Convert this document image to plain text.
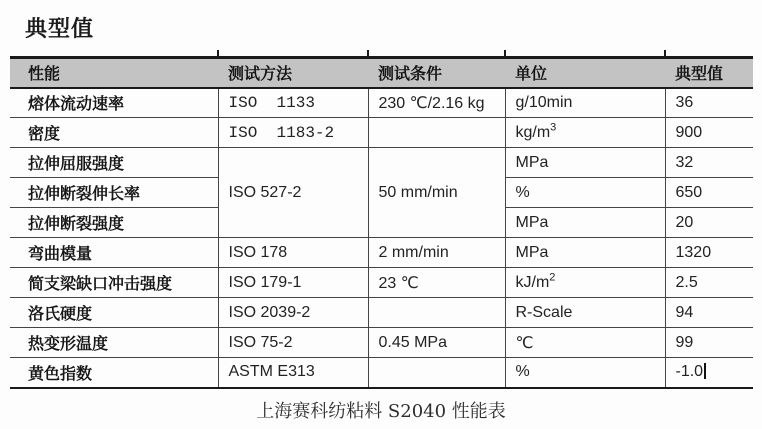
典型值
性能	测试方法	测试条件	单位	典型值
熔体流动速率	ISO  1133	230 ℃/2.16 kg	g/10min	36
密度	ISO  1183-2		$kg/m^3$	900
拉伸屈服强度	ISO 527-2	50 mm/min	MPa	32
拉伸断裂伸长率			%	650
拉伸断裂强度			MPa	20
弯曲模量	ISO 178	2 mm/min	MPa	1320
简支梁缺口冲击强度	ISO 179-1	23 ℃	$kJ/m^2$	2.5
洛氏硬度	ISO 2039-2		R-Scale	94
热变形温度	ISO 75-2	0.45 MPa	℃	99
黄色指数	ASTM E313		%	-1.0
上海赛科纺粘料 S2040 性能表
